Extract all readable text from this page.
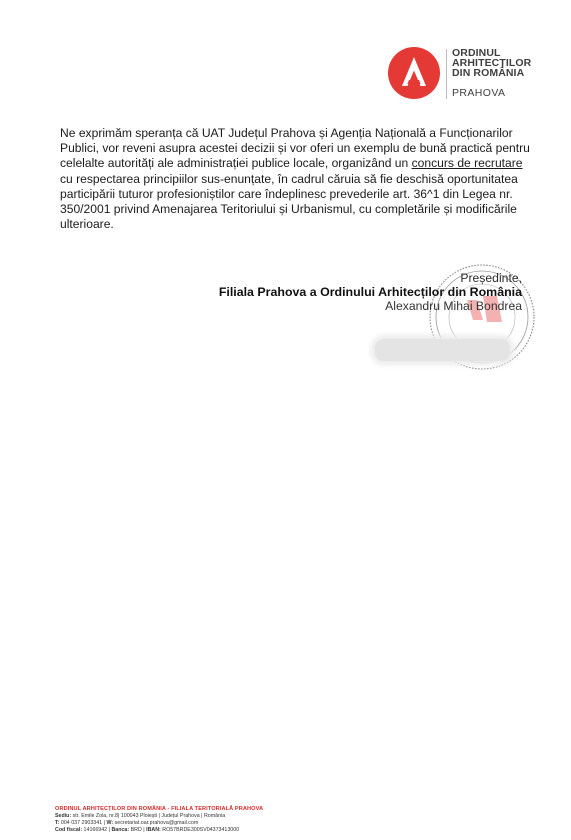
ORDINUL
ARHITECȚILOR
DIN ROMÂNIA
PRAHOVA

Ne exprimăm speranța că UAT Județul Prahova și Agenția Națională a Funcționarilor Publici, vor reveni asupra acestei decizii și vor oferi un exemplu de bună practică pentru celelalte autorități ale administrației publice locale, organizând un concurs de recrutare cu respectarea principiilor sus-enunțate, în cadrul căruia să fie deschisă oportunitatea participării tuturor profesioniștilor care îndeplinesc prevederile art. 36^1 din Legea nr. 350/2001 privind Amenajarea Teritoriului și Urbanismul, cu completările și modificările ulterioare.

Președinte,
Filiala Prahova a Ordinului Arhitecților din România
Alexandru Mihai Bondrea
ORDINUL ARHITECȚILOR DIN ROMÂNIA - FILIALA TERITORIALĂ PRAHOVA
Sediu: str. Emile Zola, nr.8| 100043 Ploiești | Județul Prahova | România
T: 004 037 2903341 | W: secretariat.oar.prahova@gmail.com
Cod fiscal: 14166942 | Banca: BRD | IBAN: RO57BRDE300SV04373413000
